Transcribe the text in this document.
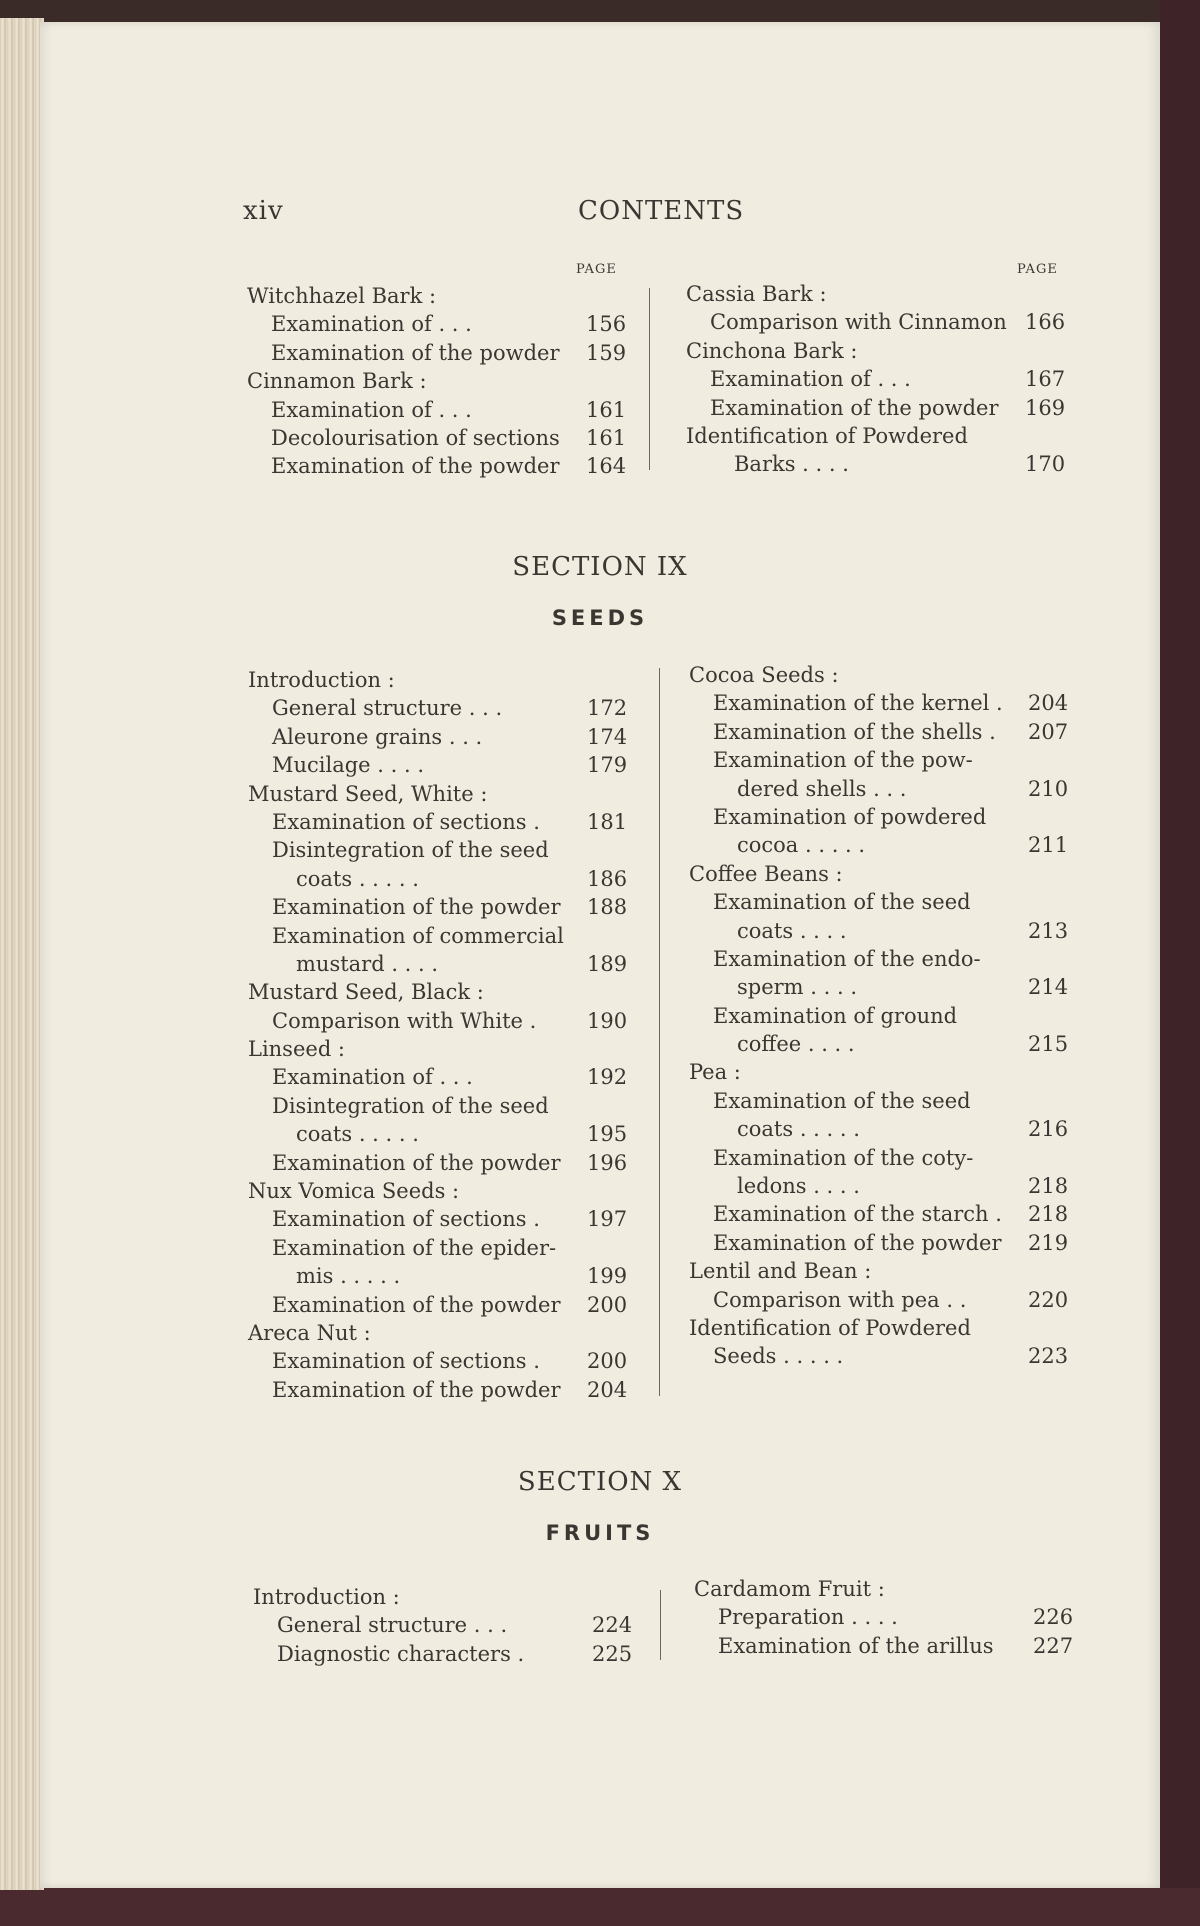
xiv	CONTENTS
PAGE	PAGE
Witchhazel Bark :
Examination of . . .	156
Examination of the powder 159
Cinnamon Bark :
Examination of . . .	161
Decolourisation of sections 161
Examination of the powder 164
Cassia Bark :
Comparison with Cinnamon 166
Cinchona Bark :
Examination of . . .	167
Examination of the powder 169
Identification of Powdered
Barks . . . .	170
SECTION IX
SEEDS
Introduction :
General structure . . .	172
Aleurone grains . . .	174
Mucilage . . . .	179
Mustard Seed, White :
Examination of sections . 181
Disintegration of the seed
coats . . . . .	186
Examination of the powder 188
Examination of commercial
mustard . . . .	189
Mustard Seed, Black :
Comparison with White . 190
Linseed :
Examination of . . .	192
Disintegration of the seed
coats . . . . .	195
Examination of the powder 196
Nux Vomica Seeds :
Examination of sections . 197
Examination of the epider-
mis . . . . .	199
Examination of the powder 200
Areca Nut :
Examination of sections . 200
Examination of the powder 204
Cocoa Seeds :
Examination of the kernel . 204
Examination of the shells . 207
Examination of the pow-
dered shells . . .	210
Examination of powdered
cocoa . . . . .	211
Coffee Beans :
Examination of the seed
coats . . . .	213
Examination of the endo-
sperm . . . .	214
Examination of ground
coffee . . . .	215
Pea :
Examination of the seed
coats . . . . .	216
Examination of the coty-
ledons . . . .	218
Examination of the starch . 218
Examination of the powder 219
Lentil and Bean :
Comparison with pea . .	220
Identification of Powdered
Seeds . . . . .	223
SECTION X
FRUITS
Introduction :
General structure . . .	224
Diagnostic characters .	225
Cardamom Fruit :
Preparation . . . .	226
Examination of the arillus 227
